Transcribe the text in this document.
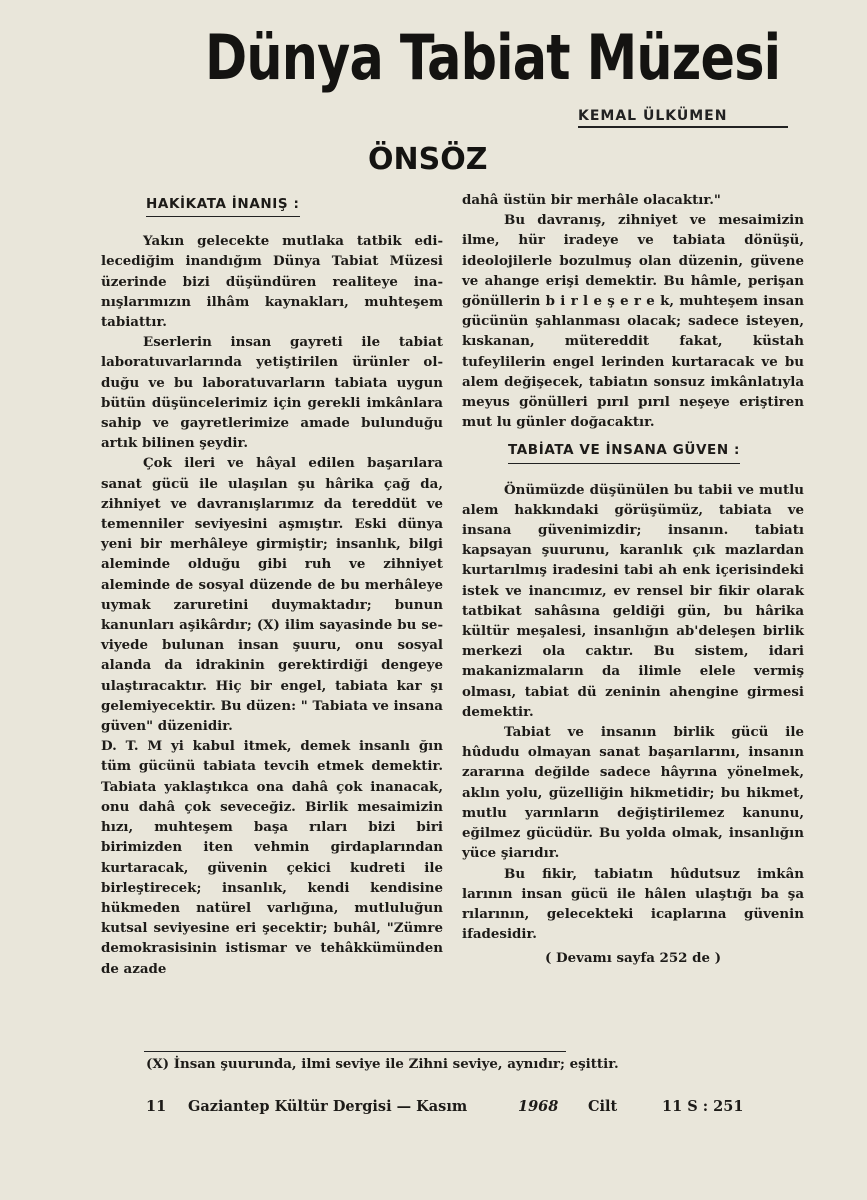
Dünya Tabiat Müzesi
KEMAL ÜLKÜMEN
ÖNSÖZ
HAKİKATA İNANIŞ :

Yakın gelecekte mutlaka tatbik edilecediğim inandığım Dünya Tabiat Müzesi üzerinde bizi düşündüren realiteye inanışlarımızın ilhâm kaynakları, muhteşem tabiattır.

Eserlerin insan gayreti ile tabiat laboratuvarlarında yetiştirilen ürünler olduğu ve bu laboratuvarların tabiata uygun bütün düşüncelerimiz için gerekli imkânlara sahip ve gayretlerimize amade bulunduğu artık bilinen şeydir.

Çok ileri ve hâyal edilen başarılara sanat gücü ile ulaşılan şu hârika çağ da, zihniyet ve davranışlarımız da tereddüt ve temenniler seviyesini aşmıştır. Eski dünya yeni bir merhâleye girmiştir; insanlık, bilgi aleminde olduğu gibi ruh ve zihniyet aleminde de sosyal düzende de bu merhâleye uymak zaruretini duymaktadır; bunun kanunları aşikârdır; (X) ilim sayasinde bu seviyede bulunan insan şuuru, onu sosyal alanda da idrakinin gerektirdiği dengeye ulaştıracaktır. Hiç bir engel, tabiata kar şı gelemiyecektir. Bu düzen: " Tabiata ve insana güven" düzenidir.

D. T. M yi kabul itmek, demek insanlı ğın tüm gücünü tabiata tevcih etmek demektir. Tabiata yaklaştıkca ona dahâ çok inanacak, onu dahâ çok seveceğiz. Birlik mesaimizin hızı, muhteşem başa rıları bizi biri birimizden iten vehmin girdaplarından kurtaracak, güvenin çekici kudreti ile birleştirecek; insanlık, kendi kendisine hükmeden natürel varlığına, mutluluğun kutsal seviyesine eri şecektir; buhâl, "Zümre demokrasisinin istismar ve tehâkkümünden de azade

dahâ üstün bir merhâle olacaktır."

Bu davranış, zihniyet ve mesaimizin ilme, hür iradeye ve tabiata dönüşü, ideolojilerle bozulmuş olan düzenin, güvene ve ahange erişi demektir. Bu hâmle, perişan gönüllerin b i r l e ş e r e k, muhteşem insan gücünün şahlanması olacak; sadece isteyen, kıskanan, mütereddit fakat, küstah tufeylilerin engel lerinden kurtaracak ve bu alem değişecek, tabiatın sonsuz imkânlatıyla meyus gönülleri pırıl pırıl neşeye eriştiren mut lu günler doğacaktır.

TABİATA VE İNSANA GÜVEN :

Önümüzde düşünülen bu tabii ve mutlu alem hakkındaki görüşümüz, tabiata ve insana güvenimizdir; insanın. tabiatı kapsayan şuurunu, karanlık çık mazlardan kurtarılmış iradesini tabi ah enk içerisindeki istek ve inancımız, ev rensel bir fikir olarak tatbikat sahâsına geldiği gün, bu hârika kültür meşalesi, insanlığın ab'deleşen birlik merkezi ola caktır. Bu sistem, idari makanizmaların da ilimle elele vermiş olması, tabiat dü zeninin ahengine girmesi demektir.

Tabiat ve insanın birlik gücü ile hûdudu olmayan sanat başarılarını, insanın zararına değilde sadece hâyrına yönelmek, aklın yolu, güzelliğin hikmetidir; bu hikmet, mutlu yarınların değiştirilemez kanunu, eğilmez gücüdür. Bu yolda olmak, insanlığın yüce şiarıdır.

Bu fikir, tabiatın hûdutsuz imkân larının insan gücü ile hâlen ulaştığı ba şa rılarının, gelecekteki icaplarına güvenin ifadesidir.

( Devamı sayfa 252 de )

(X) İnsan şuurunda, ilmi seviye ile Zihni seviye, aynıdır; eşittir.
11 Gaziantep Kültür Dergisi — Kasım	1968 Cilt	11 S : 251
